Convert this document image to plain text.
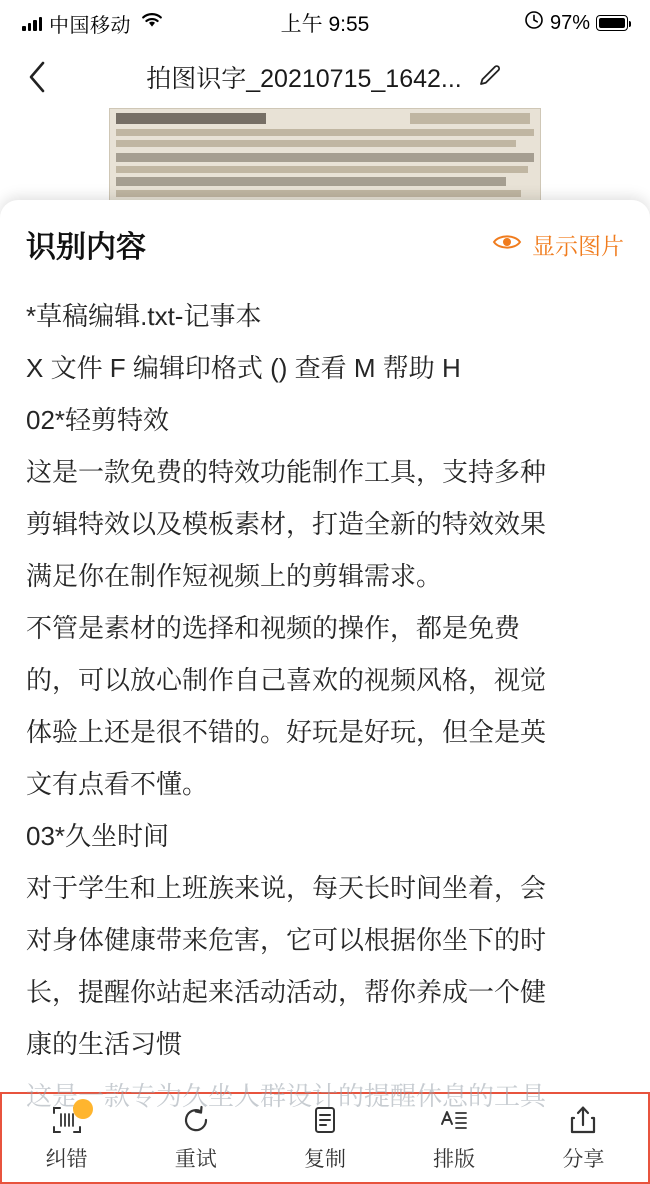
中国移动	上午 9:55	97%
拍图识字_20210715_1642...
识别内容	显示图片
*草稿编辑.txt-记事本
X 文件 F 编辑印格式 () 查看 M 帮助 H
02*轻剪特效
这是一款免费的特效功能制作工具，支持多种
剪辑特效以及模板素材，打造全新的特效效果
满足你在制作短视频上的剪辑需求。
不管是素材的选择和视频的操作，都是免费
的，可以放心制作自己喜欢的视频风格，视觉
体验上还是很不错的。好玩是好玩，但全是英
文有点看不懂。
03*久坐时间
对于学生和上班族来说，每天长时间坐着，会
对身体健康带来危害，它可以根据你坐下的时
长，提醒你站起来活动活动，帮你养成一个健
康的生活习惯
纠错	重试	复制	排版	分享
